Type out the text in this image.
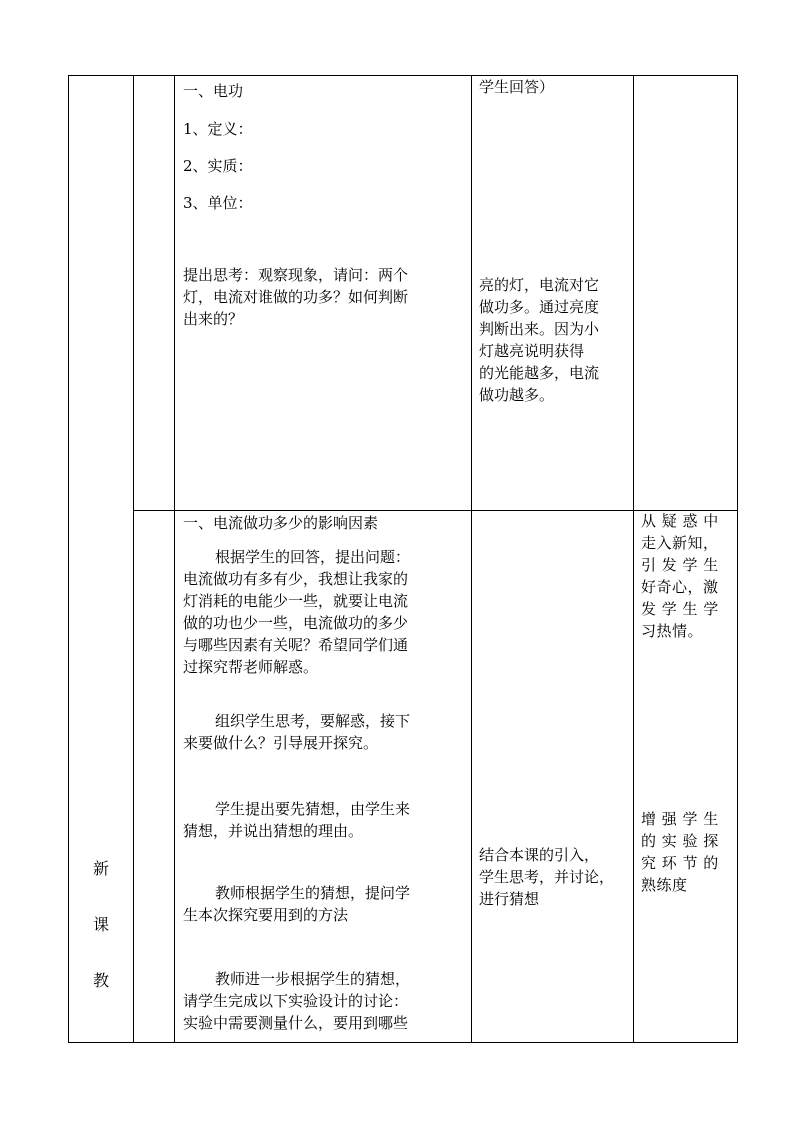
新
课
教
一、电功
1、定义：
2、实质：
3、单位：
提出思考：观察现象，请问：两个
灯，电流对谁做的功多？如何判断
出来的？
学生回答）
亮的灯，电流对它
做功多。通过亮度
判断出来。因为小
灯越亮说明获得
的光能越多，电流
做功越多。
一、电流做功多少的影响因素
根据学生的回答，提出问题：
电流做功有多有少，我想让我家的
灯消耗的电能少一些，就要让电流
做的功也少一些，电流做功的多少
与哪些因素有关呢？希望同学们通
过探究帮老师解惑。
组织学生思考，要解惑，接下
来要做什么？引导展开探究。
学生提出要先猜想，由学生来
猜想，并说出猜想的理由。
教师根据学生的猜想，提问学
生本次探究要用到的方法
教师进一步根据学生的猜想，
请学生完成以下实验设计的讨论：
实验中需要测量什么，要用到哪些
结合本课的引入，
学生思考，并讨论，
进行猜想
从 疑 惑 中
走入新知，
引 发 学 生
好奇心，激
发 学 生 学
习热情。
增 强 学 生
的 实 验 探
究 环 节 的
熟练度
